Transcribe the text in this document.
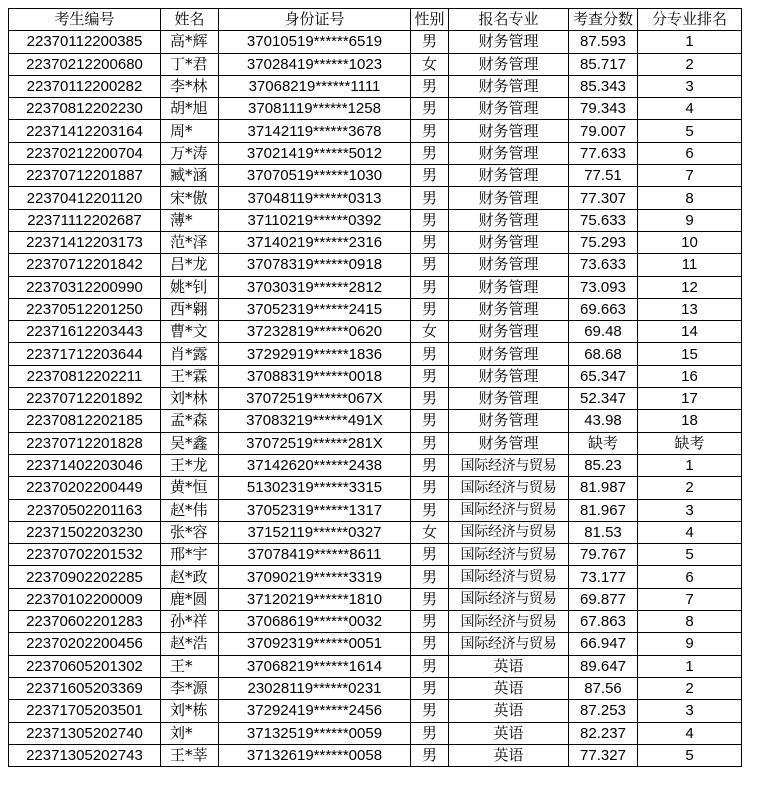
考生编号	姓名	身份证号	性别	报名专业	考查分数	分专业排名
22370112200385	高*辉	37010519******6519	男	财务管理	87.593	1
22370212200680	丁*君	37028419******1023	女	财务管理	85.717	2
22370112200282	李*林	37068219******1111	男	财务管理	85.343	3
22370812202230	胡*旭	37081119******1258	男	财务管理	79.343	4
22371412203164	周*	37142119******3678	男	财务管理	79.007	5
22370212200704	万*涛	37021419******5012	男	财务管理	77.633	6
22370712201887	臧*涵	37070519******1030	男	财务管理	77.51	7
22370412201120	宋*傲	37048119******0313	男	财务管理	77.307	8
22371112202687	薄*	37110219******0392	男	财务管理	75.633	9
22371412203173	范*泽	37140219******2316	男	财务管理	75.293	10
22370712201842	吕*龙	37078319******0918	男	财务管理	73.633	11
22370312200990	姚*钊	37030319******2812	男	财务管理	73.093	12
22370512201250	西*翱	37052319******2415	男	财务管理	69.663	13
22371612203443	曹*文	37232819******0620	女	财务管理	69.48	14
22371712203644	肖*露	37292919******1836	男	财务管理	68.68	15
22370812202211	王*霖	37088319******0018	男	财务管理	65.347	16
22370712201892	刘*林	37072519******067X	男	财务管理	52.347	17
22370812202185	孟*森	37083219******491X	男	财务管理	43.98	18
22370712201828	吴*鑫	37072519******281X	男	财务管理	缺考	缺考
22371402203046	王*龙	37142620******2438	男	国际经济与贸易	85.23	1
22370202200449	黄*恒	51302319******3315	男	国际经济与贸易	81.987	2
22370502201163	赵*伟	37052319******1317	男	国际经济与贸易	81.967	3
22371502203230	张*容	37152119******0327	女	国际经济与贸易	81.53	4
22370702201532	邢*宇	37078419******8611	男	国际经济与贸易	79.767	5
22370902202285	赵*政	37090219******3319	男	国际经济与贸易	73.177	6
22370102200009	鹿*圆	37120219******1810	男	国际经济与贸易	69.877	7
22370602201283	孙*祥	37068619******0032	男	国际经济与贸易	67.863	8
22370202200456	赵*浩	37092319******0051	男	国际经济与贸易	66.947	9
22370605201302	王*	37068219******1614	男	英语	89.647	1
22371605203369	李*源	23028119******0231	男	英语	87.56	2
22371705203501	刘*栋	37292419******2456	男	英语	87.253	3
22371305202740	刘*	37132519******0059	男	英语	82.237	4
22371305202743	王*莘	37132619******0058	男	英语	77.327	5
